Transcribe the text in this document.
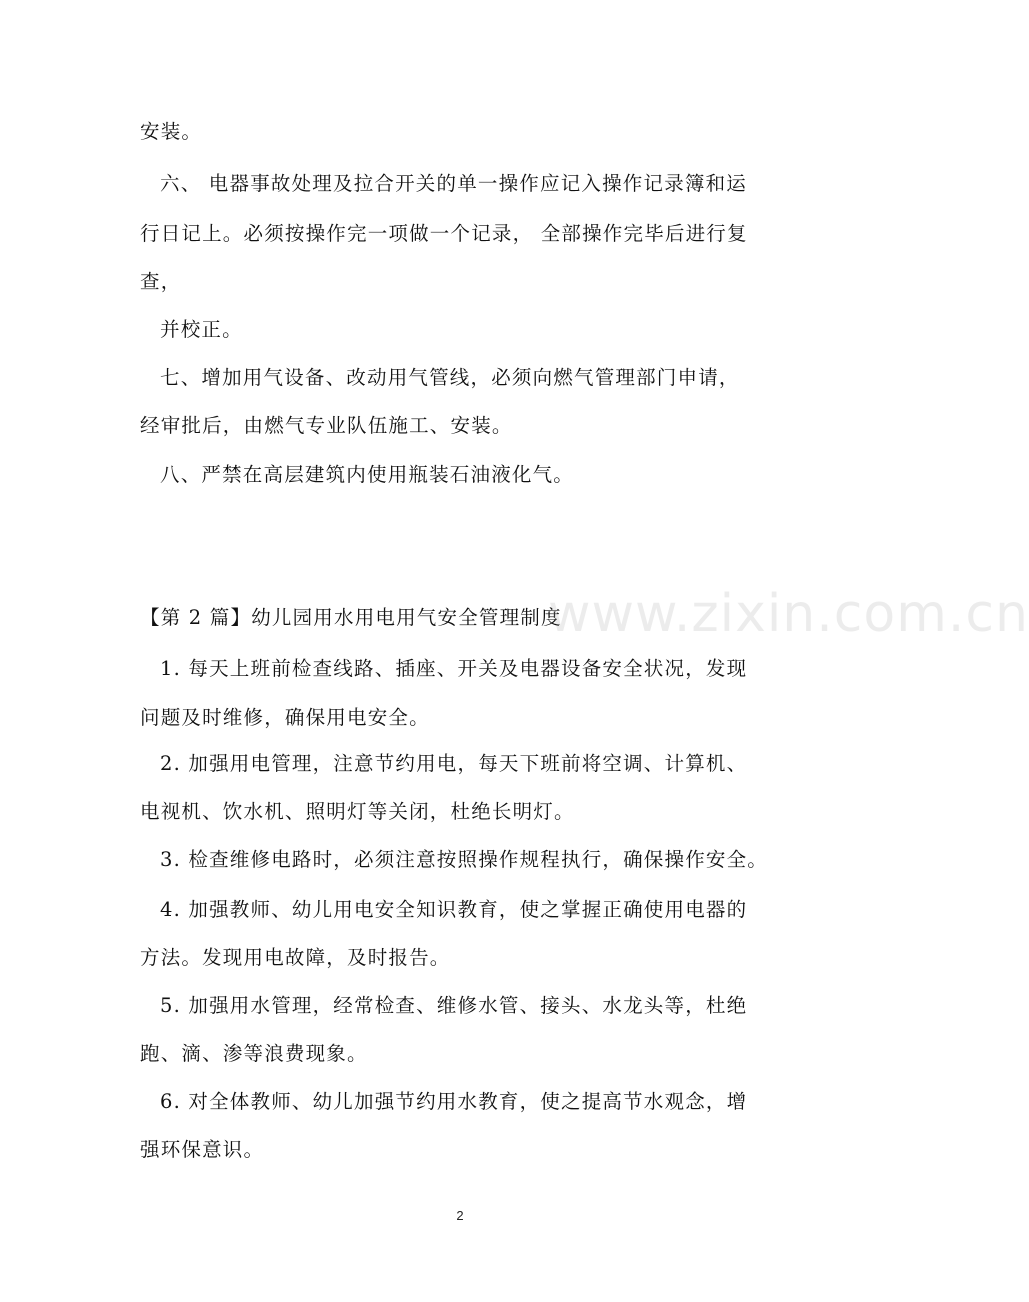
安装。

六、 电器事故处理及拉合开关的单一操作应记入操作记录簿和运

行日记上。必须按操作完一项做一个记录， 全部操作完毕后进行复

查，

并校正。

七、增加用气设备、改动用气管线，必须向燃气管理部门申请，

经审批后，由燃气专业队伍施工、安装。

八、严禁在高层建筑内使用瓶装石油液化气。

【第 2 篇】幼儿园用水用电用气安全管理制度

1. 每天上班前检查线路、插座、开关及电器设备安全状况，发现

问题及时维修，确保用电安全。

2. 加强用电管理，注意节约用电，每天下班前将空调、计算机、

电视机、饮水机、照明灯等关闭，杜绝长明灯。

3. 检查维修电路时，必须注意按照操作规程执行，确保操作安全。

4. 加强教师、幼儿用电安全知识教育，使之掌握正确使用电器的

方法。发现用电故障，及时报告。

5. 加强用水管理，经常检查、维修水管、接头、水龙头等，杜绝

跑、滴、渗等浪费现象。

6. 对全体教师、幼儿加强节约用水教育，使之提高节水观念，增

强环保意识。

www.zixin.com.cn
2
